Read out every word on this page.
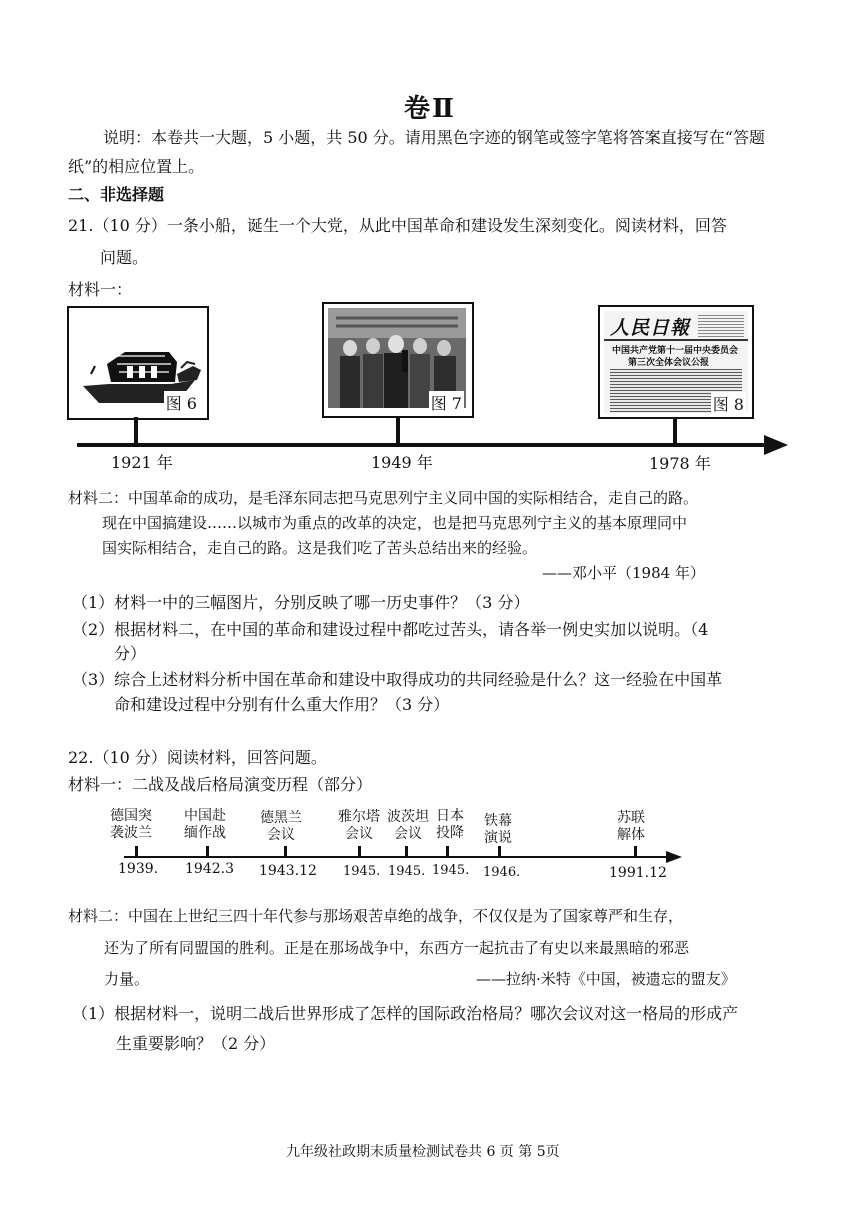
卷Ⅱ
说明：本卷共一大题，5 小题，共 50 分。请用黑色字迹的钢笔或签字笔将答案直接写在“答题
纸”的相应位置上。
二、非选择题
21.（10 分）一条小船，诞生一个大党，从此中国革命和建设发生深刻变化。阅读材料，回答
问题。
材料一：
图 6	图 7
人民日報
中国共产党第十一届中央委员会
第三次全体会议公报
图 8
1921 年	1949 年	1978 年
材料二：中国革命的成功，是毛泽东同志把马克思列宁主义同中国的实际相结合，走自己的路。
现在中国搞建设……以城市为重点的改革的决定，也是把马克思列宁主义的基本原理同中
国实际相结合，走自己的路。这是我们吃了苦头总结出来的经验。
——邓小平（1984 年）
（1）材料一中的三幅图片，分别反映了哪一历史事件？（3 分）
（2）根据材料二，在中国的革命和建设过程中都吃过苦头，请各举一例史实加以说明。（4
分）
（3）综合上述材料分析中国在革命和建设中取得成功的共同经验是什么？这一经验在中国革
命和建设过程中分别有什么重大作用？（3 分）
22.（10 分）阅读材料，回答问题。
材料一：二战及战后格局演变历程（部分）
德国突
袭波兰
中国赴
缅作战
德黑兰
会议
雅尔塔
会议
波茨坦
会议
日本
投降
铁幕
演说
苏联
解体
1939. 1942.3 1943.12 1945. 1945. 1945. 1946.	1991.12
材料二：中国在上世纪三四十年代参与那场艰苦卓绝的战争，不仅仅是为了国家尊严和生存，
还为了所有同盟国的胜利。正是在那场战争中，东西方一起抗击了有史以来最黑暗的邪恶
力量。	——拉纳·米特《中国，被遗忘的盟友》
（1）根据材料一，说明二战后世界形成了怎样的国际政治格局？哪次会议对这一格局的形成产
生重要影响？（2 分）
九年级社政期末质量检测试卷共 6 页 第 5页
